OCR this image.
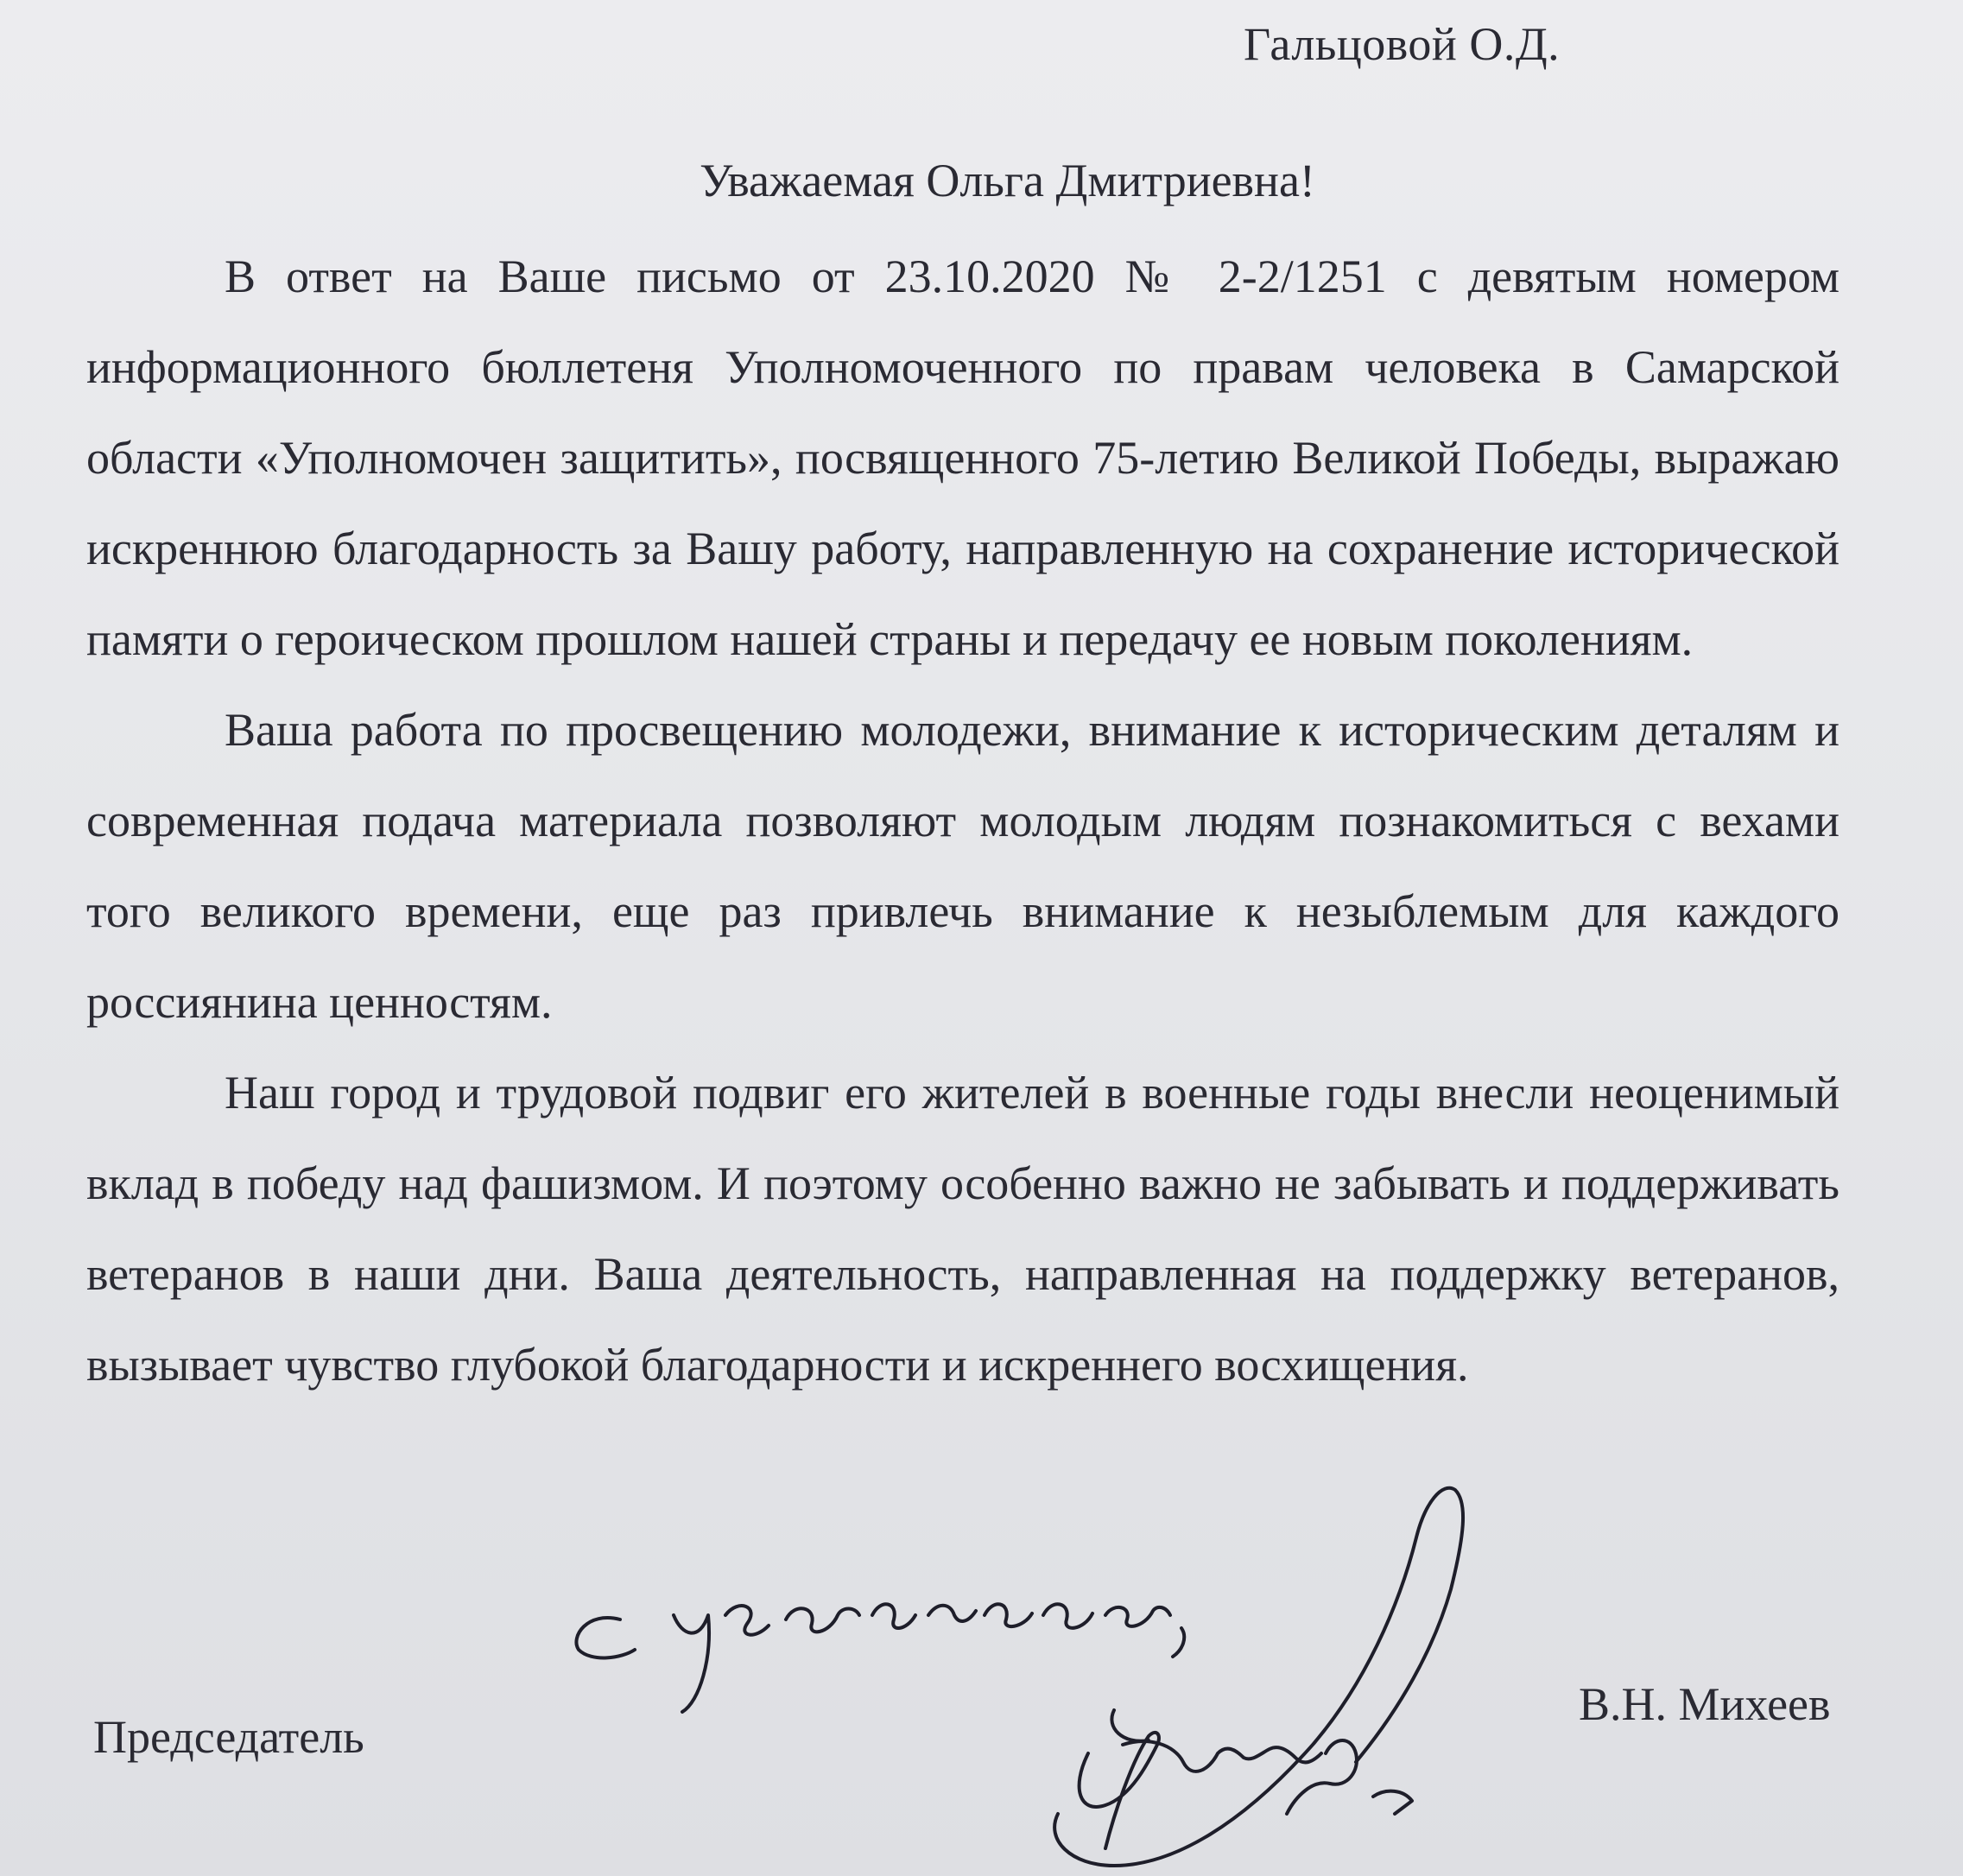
Гальцовой О.Д.
Уважаемая Ольга Дмитриевна!

В ответ на Ваше письмо от 23.10.2020 № 2-2/1251 с девятым номером информационного бюллетеня Уполномоченного по правам человека в Самарской области «Уполномочен защитить», посвященного 75-летию Великой Победы, выражаю искреннюю благодарность за Вашу работу, направленную на сохранение исторической памяти о героическом прошлом нашей страны и передачу ее новым поколениям.

Ваша работа по просвещению молодежи, внимание к историческим деталям и современная подача материала позволяют молодым людям познакомиться с вехами того великого времени, еще раз привлечь внимание к незыблемым для каждого россиянина ценностям.

Наш город и трудовой подвиг его жителей в военные годы внесли неоценимый вклад в победу над фашизмом. И поэтому особенно важно не забывать и поддерживать ветеранов в наши дни. Ваша деятельность, направленная на поддержку ветеранов, вызывает чувство глубокой благодарности и искреннего восхищения.

Председатель
В.Н. Михеев
